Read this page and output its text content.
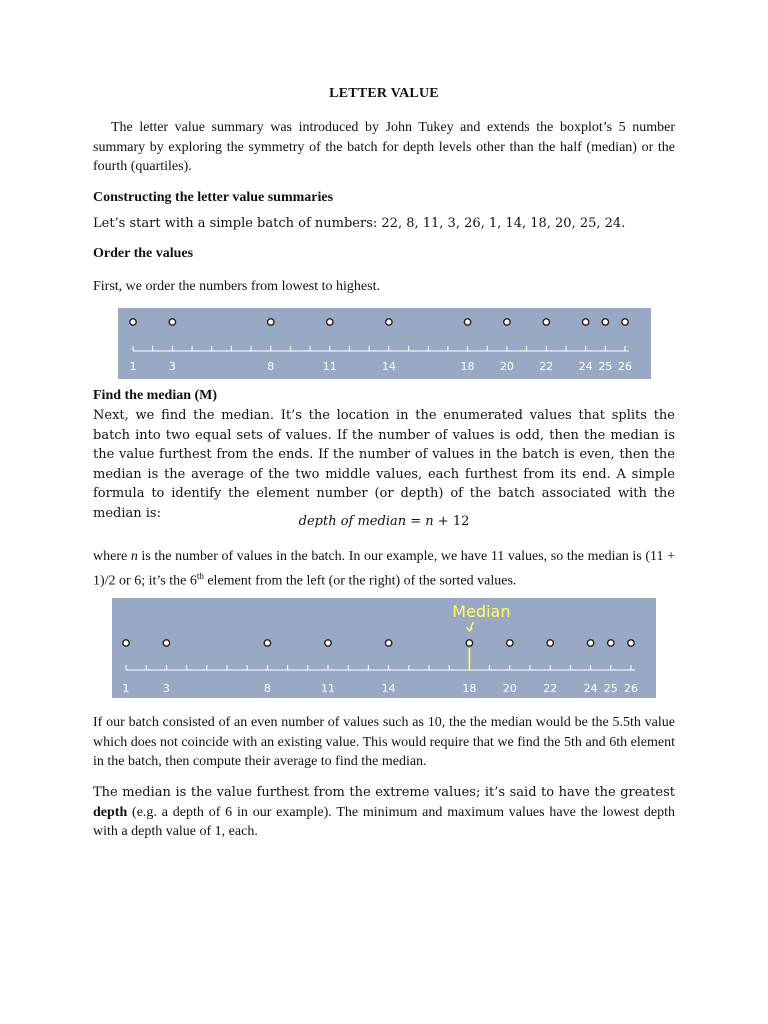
LETTER VALUE
The letter value summary was introduced by John Tukey and extends the boxplot’s 5 number summary by exploring the symmetry of the batch for depth levels other than the half (median) or the fourth (quartiles).
Constructing the letter value summaries
Let’s start with a simple batch of numbers: 22, 8, 11, 3, 26, 1, 14, 18, 20, 25, 24.
Order the values
First, we order the numbers from lowest to highest.
1	3	8	11	14	18 20 22 24 25 26
Find the median (M)
Next, we find the median. It’s the location in the enumerated values that splits the batch into two equal sets of values. If the number of values is odd, then the median is the value furthest from the ends. If the number of values in the batch is even, then the median is the average of the two middle values, each furthest from its end. A simple formula to identify the element number (or depth) of the batch associated with the median is:
depth of median = n + 12
where n is the number of values in the batch. In our example, we have 11 values, so the median is (11 + 1)/2 or 6; it’s the 6th element from the left (or the right) of the sorted values.
1	3	8	11	14	18 20 22 24 25 26
Median
If our batch consisted of an even number of values such as 10, the the median would be the 5.5th value which does not coincide with an existing value. This would require that we find the 5th and 6th element in the batch, then compute their average to find the median.
The median is the value furthest from the extreme values; it’s said to have the greatest depth (e.g. a depth of 6 in our example). The minimum and maximum values have the lowest depth with a depth value of 1, each.
